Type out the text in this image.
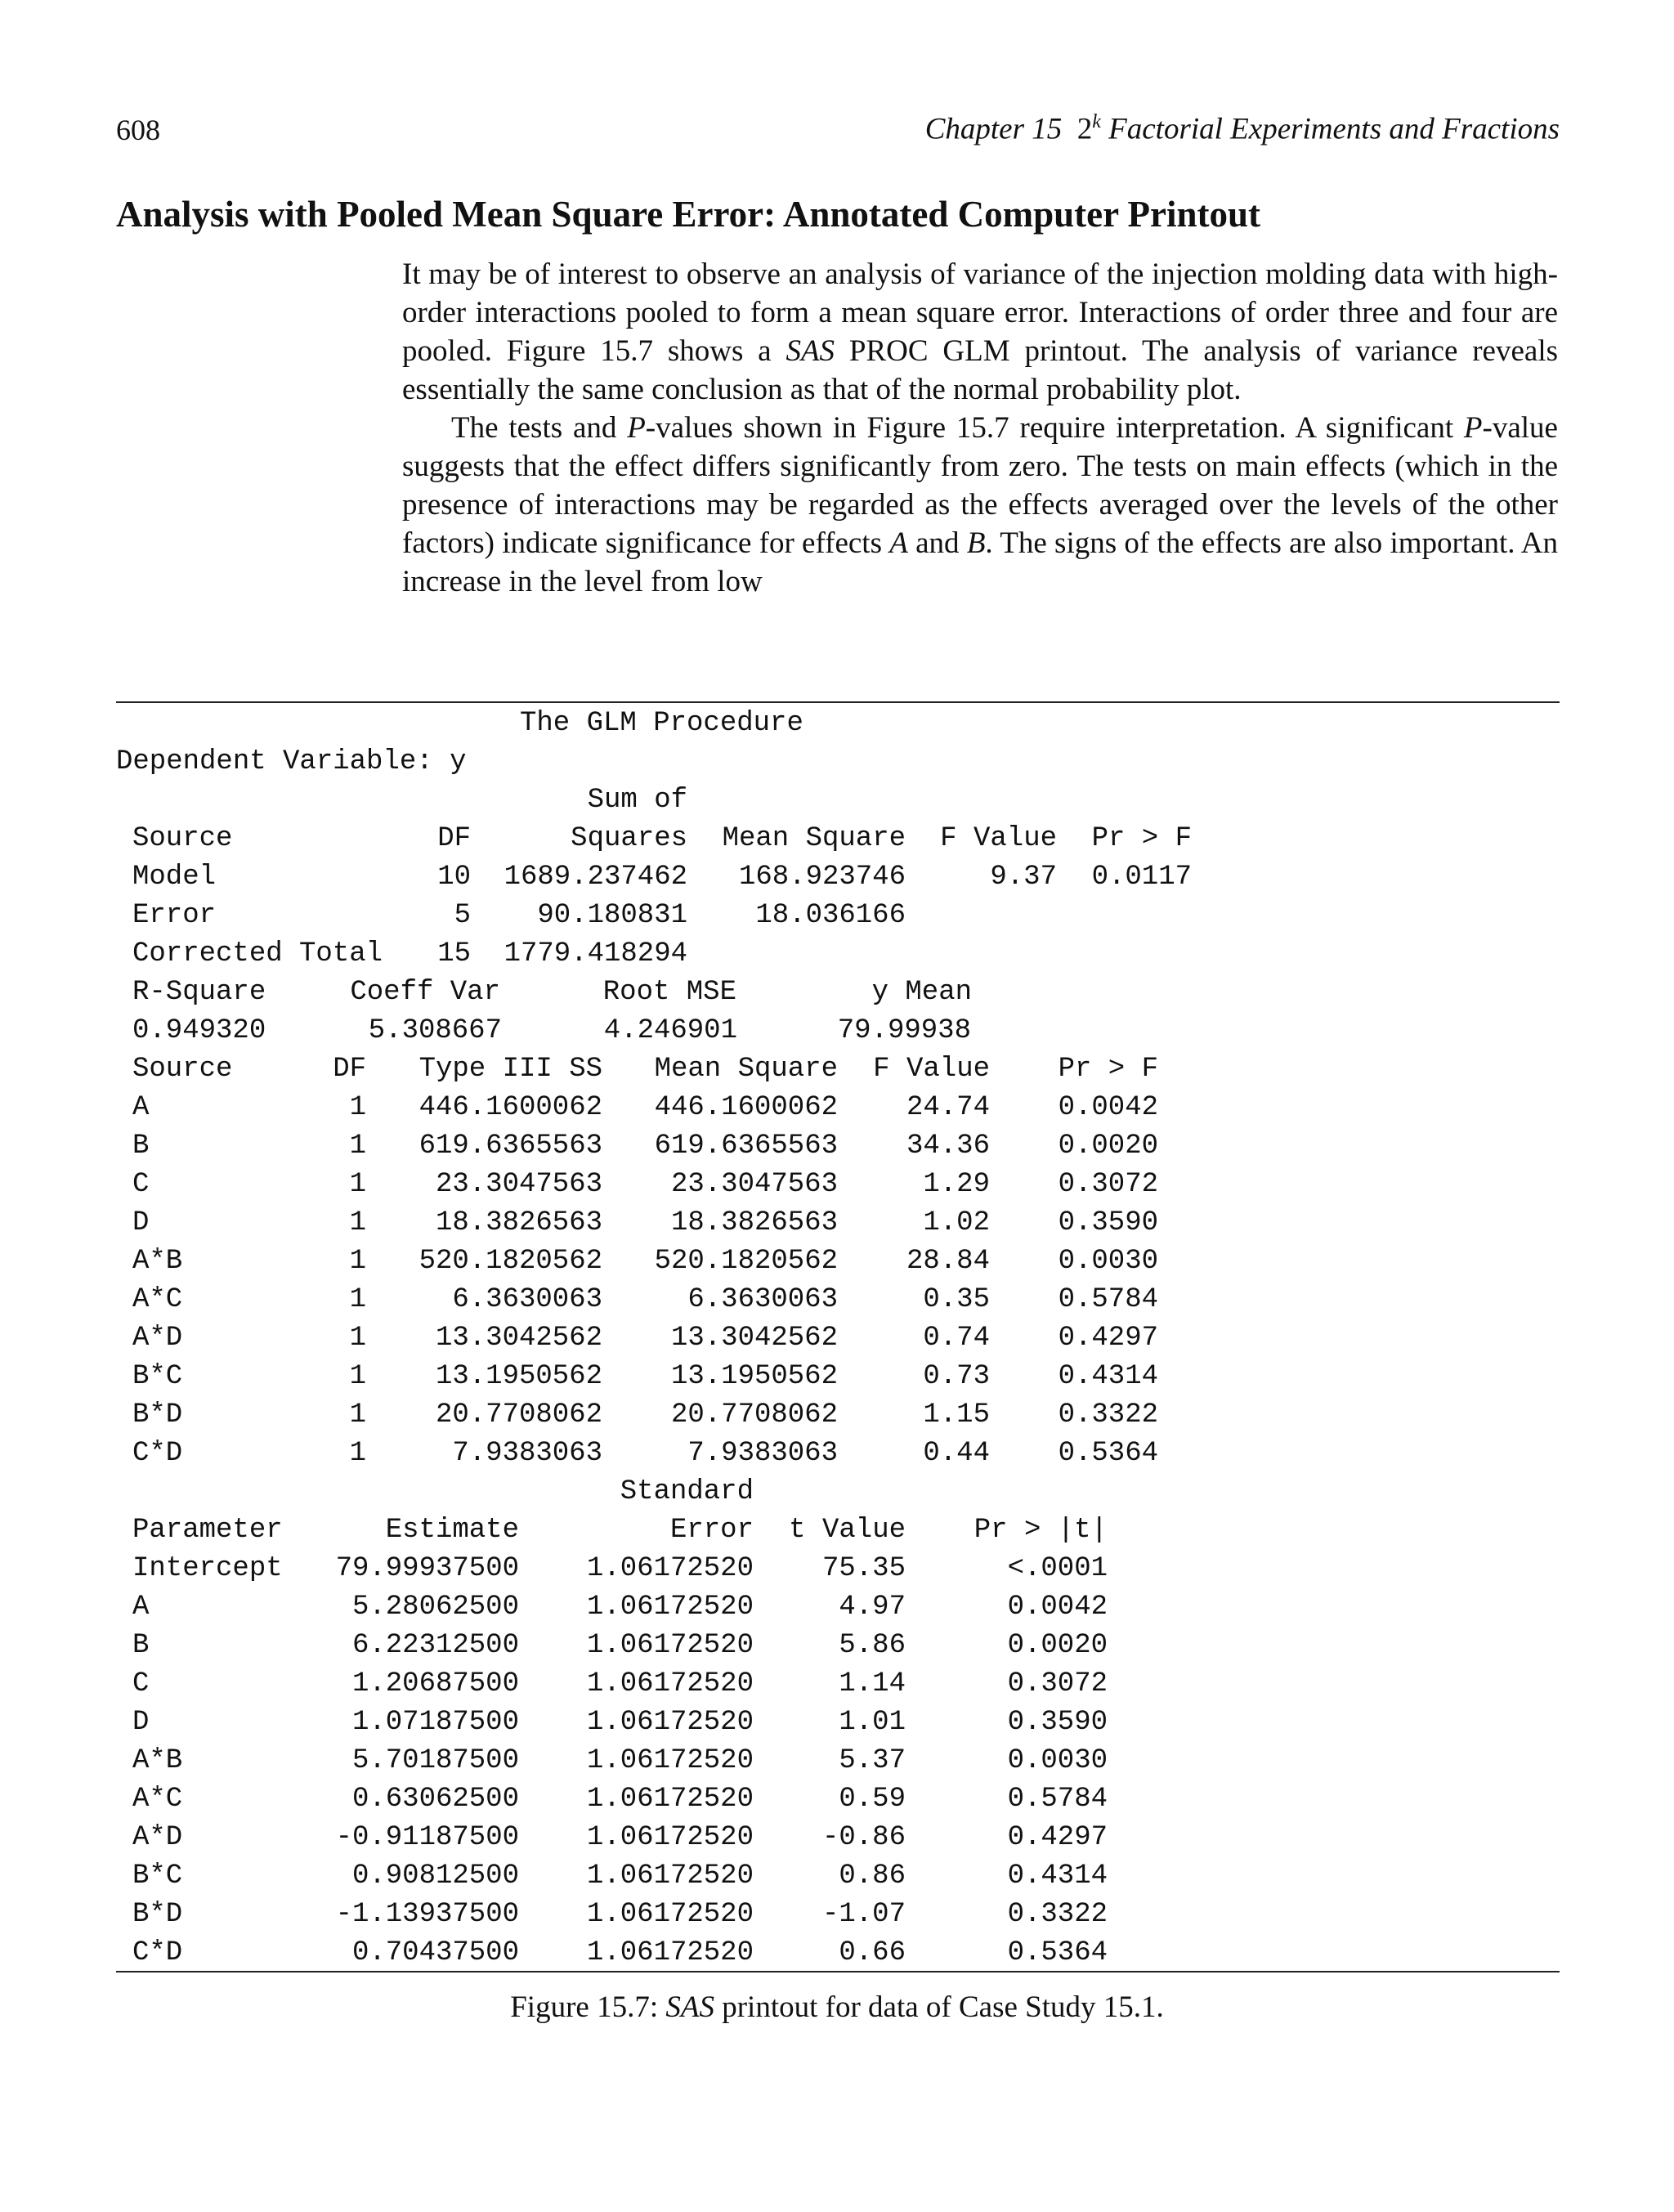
608	Chapter 15 2$^k$ Factorial Experiments and Fractions
Analysis with Pooled Mean Square Error: Annotated Computer Printout

It may be of interest to observe an analysis of variance of the injection molding data with high-order interactions pooled to form a mean square error. Interactions of order three and four are pooled. Figure 15.7 shows a SAS PROC GLM printout. The analysis of variance reveals essentially the same conclusion as that of the normal probability plot.

The tests and P-values shown in Figure 15.7 require interpretation. A significant P-value suggests that the effect differs significantly from zero. The tests on main effects (which in the presence of interactions may be regarded as the effects averaged over the levels of the other factors) indicate significance for effects A and B. The signs of the effects are also important. An increase in the level from low

The GLM Procedure
Dependent Variable: y
Sum of
Source	DF	Squares Mean Square F Value Pr > F
Model	10 1689.237462 168.923746	9.37 0.0117
Error	5 90.180831 18.036166
Corrected Total 15 1779.418294
R-Square	Coeff Var	Root MSE	y Mean
0.949320	5.308667	4.246901	79.99938
Source	DF Type III SS Mean Square F Value Pr > F
A	1 446.1600062 446.1600062 24.74 0.0042
B	1 619.6365563 619.6365563 34.36 0.0020
C	1 23.3047563 23.3047563	1.29 0.3072
D	1 18.3826563 18.3826563	1.02 0.3590
A*B	1 520.1820562 520.1820562 28.84 0.0030
A*C	1	6.3630063	6.3630063	0.35 0.5784
A*D	1 13.3042562 13.3042562	0.74 0.4297
B*C	1 13.1950562 13.1950562	0.73 0.4314
B*D	1 20.7708062 20.7708062	1.15 0.3322
C*D	1	7.9383063	7.9383063	0.44 0.5364
Standard
Parameter	Estimate	Error t Value Pr > |t|
Intercept 79.99937500 1.06172520 75.35	<.0001
A	5.28062500 1.06172520	4.97	0.0042
B	6.22312500 1.06172520	5.86	0.0020
C	1.20687500 1.06172520	1.14	0.3072
D	1.07187500 1.06172520	1.01	0.3590
A*B	5.70187500 1.06172520	5.37	0.0030
A*C	0.63062500 1.06172520	0.59	0.5784
A*D	-0.91187500 1.06172520 -0.86	0.4297
B*C	0.90812500 1.06172520	0.86	0.4314
B*D	-1.13937500 1.06172520 -1.07	0.3322
C*D	0.70437500 1.06172520	0.66	0.5364
Figure 15.7: SAS printout for data of Case Study 15.1.
